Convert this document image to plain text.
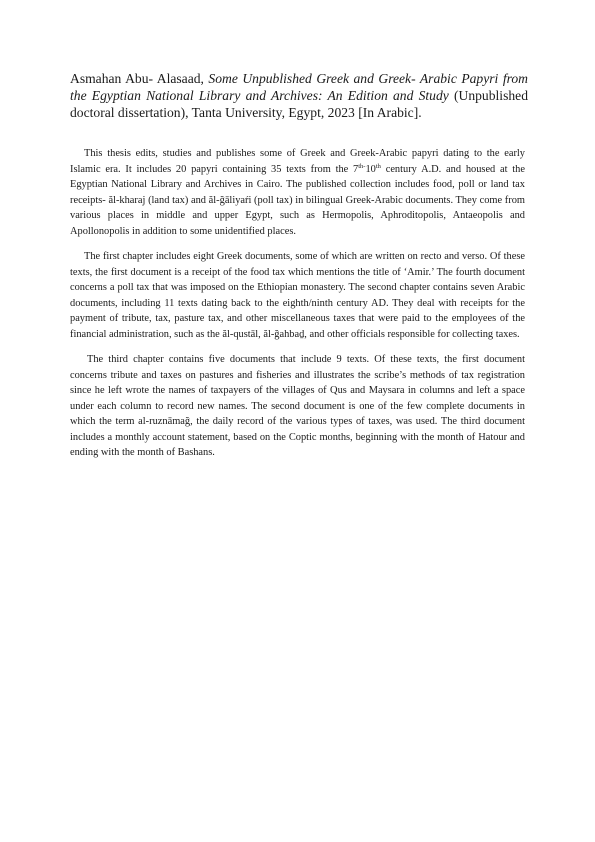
Asmahan Abu- Alasaad, Some Unpublished Greek and Greek- Arabic Papyri from the Egyptian National Library and Archives: An Edition and Study (Unpublished doctoral dissertation), Tanta University, Egypt, 2023 [In Arabic].

This thesis edits, studies and publishes some of Greek and Greek-Arabic papyri dating to the early Islamic era. It includes 20 papyri containing 35 texts from the $7^{th-}10th$ century A.D. and housed at the Egyptian National Library and Archives in Cairo. The published collection includes food, poll or land tax receipts- ăl-kharaj (land tax) and ăl-ğāliyaŕi (poll tax) in bilingual Greek-Arabic documents. They come from various places in middle and upper Egypt, such as Hermopolis, Aphroditopolis, Antaeopolis and Apollonopolis in addition to some unidentified places.

The first chapter includes eight Greek documents, some of which are written on recto and verso. Of these texts, the first document is a receipt of the food tax which mentions the title of ‘Amir.’ The fourth document concerns a poll tax that was imposed on the Ethiopian monastery. The second chapter contains seven Arabic documents, including 11 texts dating back to the eighth/ninth century AD. They deal with receipts for the payment of tribute, tax, pasture tax, and other miscellaneous taxes that were paid to the employees of the financial administration, such as the ăl-qustāl, ăl-ğahbaḏ, and other officials responsible for collecting taxes.

The third chapter contains five documents that include 9 texts. Of these texts, the first document concerns tribute and taxes on pastures and fisheries and illustrates the scribe’s methods of tax registration since he left wrote the names of taxpayers of the villages of Qus and Maysara in columns and left a space under each column to record new names. The second document is one of the few complete documents in which the term al-ruznāmağ, the daily record of the various types of taxes, was used. The third document includes a monthly account statement, based on the Coptic months, beginning with the month of Hatour and ending with the month of Bashans.
